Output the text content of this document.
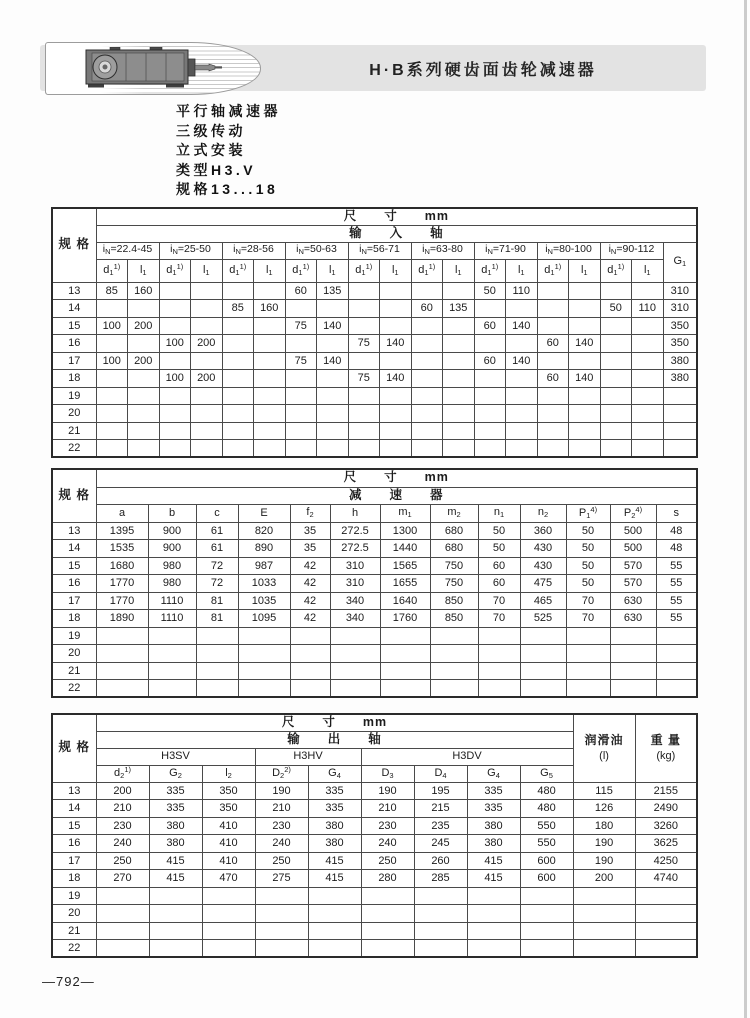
H·B系列硬齿面齿轮减速器
平行轴减速器
三级传动
立式安装
类型H3.V
规格13...18
规 格	尺　　寸　　mm																		
	输　　入　　轴																		
	$i_N=22.4-45$		$i_N=25-50$		$i_N=28-56$		$i_N=50-63$		$i_N=56-71$		$i_N=63-80$		$i_N=71-90$		$i_N=80-100$		$i_N=90-112$		$G_1$
	$d_1^{1)}$	$l_1$	$d_1^{1)}$	$l_1$	$d_1^{1)}$	$l_1$	$d_1^{1)}$	$l_1$	$d_1^{1)}$	$l_1$	$d_1^{1)}$	$l_1$	$d_1^{1)}$	$l_1$	$d_1^{1)}$	$l_1$	$d_1^{1)}$	$l_1$
13	85	160					60	135					50	110					310
14					85	160					60	135					50	110	310
15	100	200					75	140					60	140					350
16			100	200					75	140					60	140			350
17	100	200					75	140					60	140					380
18			100	200					75	140					60	140			380
19																			
20																			
21																			
22																			
规 格	尺　　寸　　mm												
	减　　速　　器												
	a	b	c	E	$f_2$	h	$m_1$	$m_2$	$n_1$	$n_2$	$P_1^{4)}$	$P_2^{4)}$	s
13	1395	900	61	820	35	272.5	1300	680	50	360	50	500	48
14	1535	900	61	890	35	272.5	1440	680	50	430	50	500	48
15	1680	980	72	987	42	310	1565	750	60	430	50	570	55
16	1770	980	72	1033	42	310	1655	750	60	475	50	570	55
17	1770	1110	81	1035	42	340	1640	850	70	465	70	630	55
18	1890	1110	81	1095	42	340	1760	850	70	525	70	630	55
19													
20													
21													
22													
规 格	尺　　寸　　mm	
润滑油
(l)

重 量
(kg)

	输　　出　　轴										
	H3SV			H3HV		H3DV					
	$d_2^{1)}$	$G_2$	$l_2$	$D_2^{2)}$	$G_4$	$D_3$	$D_4$	$G_4$	$G_5$
13	200	335	350	190	335	190	195	335	480	115	2155
14	210	335	350	210	335	210	215	335	480	126	2490
15	230	380	410	230	380	230	235	380	550	180	3260
16	240	380	410	240	380	240	245	380	550	190	3625
17	250	415	410	250	415	250	260	415	600	190	4250
18	270	415	470	275	415	280	285	415	600	200	4740
19											
20											
21											
22											
—792—
